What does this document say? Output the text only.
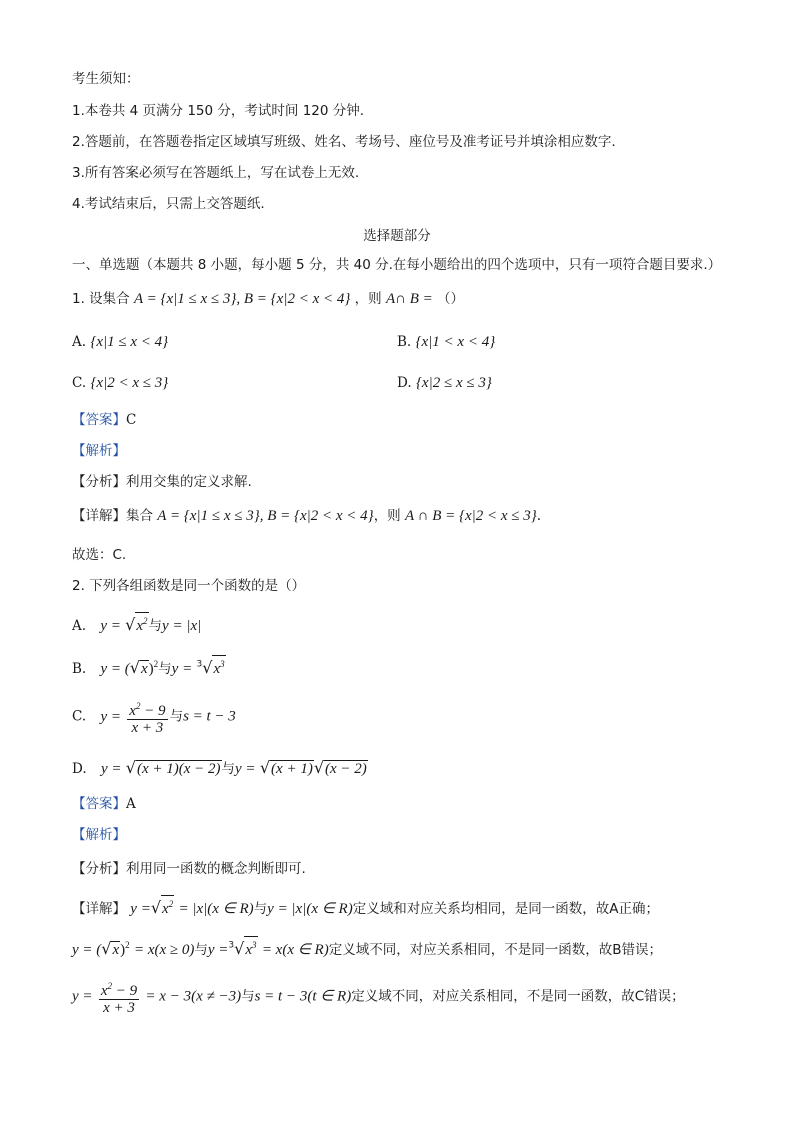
考生须知：
1.本卷共 4 页满分 150 分，考试时间 120 分钟.
2.答题前，在答题卷指定区域填写班级、姓名、考场号、座位号及准考证号并填涂相应数字.
3.所有答案必须写在答题纸上，写在试卷上无效.
4.考试结束后，只需上交答题纸.
选择题部分
一、单选题（本题共 8 小题，每小题 5 分，共 40 分.在每小题给出的四个选项中，只有一项符合题目要求.）
1. 设集合 A = {x|1 ≤ x ≤ 3}, B = {x|2 < x < 4} ，则 A∩ B = （）
A. {x|1 ≤ x < 4}	B. {x|1 < x < 4}
C. {x|2 < x ≤ 3}	D. {x|2 ≤ x ≤ 3}
【答案】C
【解析】
【分析】利用交集的定义求解.
【详解】集合 A = {x|1 ≤ x ≤ 3}, B = {x|2 < x < 4}，则 A ∩ B = {x|2 < x ≤ 3}.
故选：C.
2. 下列各组函数是同一个函数的是（）
A. $y = √x^2$与y = |x|
B. $y = (√x)^2$与$y = ^3√x^3$
C. $y = \frac{x^2 - 9}{x + 3}$ 与s = t − 3
D. y = √(x + 1)(x − 2)与y = √(x + 1)√(x − 2)
【答案】A
【解析】
【分析】利用同一函数的概念判断即可.
【详解】 $y =√x^2 = |x|(x$ ∈ R)与y = |x|(x ∈ R)定义域和对应关系均相同，是同一函数，故A正确；
$y = (√x)^2 = x(x \ge 0)$与$y =^3√x^3 = x(x$ ∈ R)定义域不同，对应关系相同，不是同一函数，故B错误；
$y = \frac{x^2 - 9}{x + 3} = x - 3(x \ne -3)$与s = t − 3(t ∈ R)定义域不同，对应关系相同，不是同一函数，故C错误；
